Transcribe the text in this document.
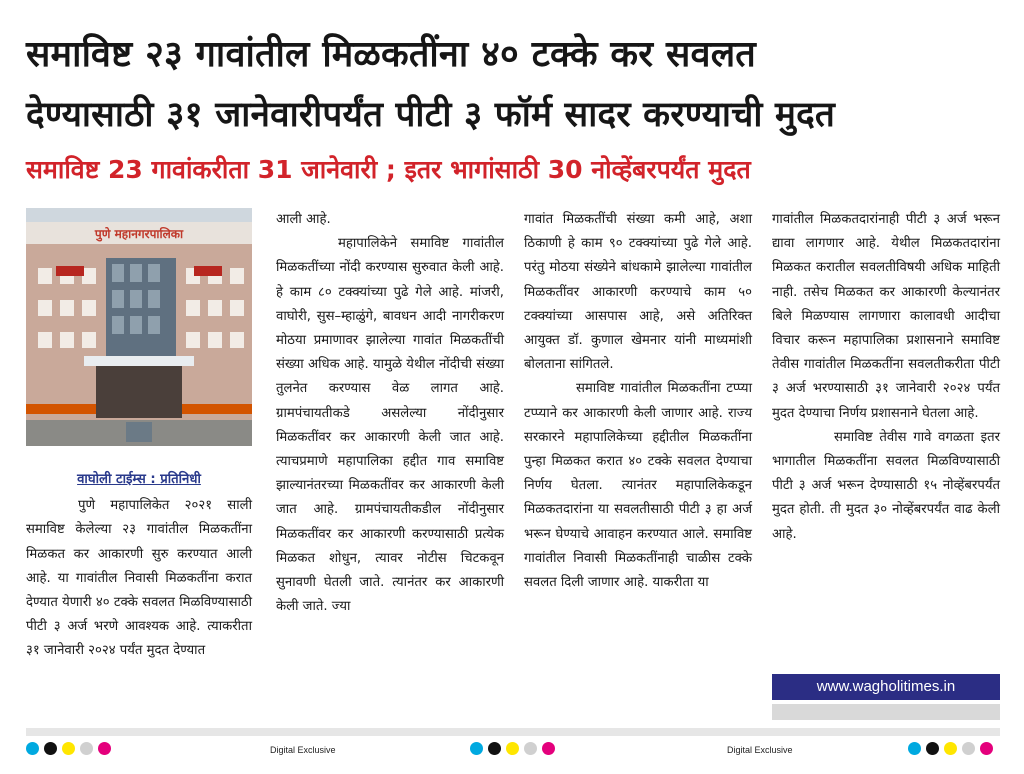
समाविष्ट २३ गावांतील मिळकतींना ४० टक्के कर सवलत
देण्यासाठी ३१ जानेवारीपर्यंत पीटी ३ फॉर्म सादर करण्याची मुदत
समाविष्ट 23 गावांकरीता 31 जानेवारी ; इतर भागांसाठी 30 नोव्हेंबरपर्यंत मुदत
पुणे महानगरपालिका
वाघोली टाईम्स : प्रतिनिधी

पुणे महापालिकेत २०२१ साली समाविष्ट केलेल्या २३ गावांतील मिळकतींना मिळकत कर आकारणी सुरु करण्यात आली आहे. या गावांतील निवासी मिळकतींना करात देण्यात येणारी ४० टक्के सवलत मिळविण्यासाठी पीटी ३ अर्ज भरणे आवश्यक आहे. त्याकरीता ३१ जानेवारी २०२४ पर्यंत मुदत देण्यात

आली आहे.

महापालिकेने समाविष्ट गावांतील मिळकतींच्या नोंदी करण्यास सुरुवात केली आहे. हे काम ८० टक्क्यांच्या पुढे गेले आहे. मांजरी, वाघोरी, सुस–म्हाळुंगे, बावधन आदी नागरीकरण मोठया प्रमाणावर झालेल्या गावांत मिळकतींची संख्या अधिक आहे. यामुळे येथील नोंदीची संख्या तुलनेत करण्यास वेळ लागत आहे. ग्रामपंचायतीकडे असलेल्या नोंदीनुसार मिळकतींवर कर आकारणी केली जात आहे. त्याचप्रमाणे महापालिका हद्दीत गाव समाविष्ट झाल्यानंतरच्या मिळकतींवर कर आकारणी केली जात आहे. ग्रामपंचायतीकडील नोंदीनुसार मिळकतींवर कर आकारणी करण्यासाठी प्रत्येक मिळकत शोधुन, त्यावर नोटीस चिटकवून सुनावणी घेतली जाते. त्यानंतर कर आकारणी केली जाते. ज्या

गावांत मिळकतींची संख्या कमी आहे, अशा ठिकाणी हे काम ९० टक्क्यांच्या पुढे गेले आहे. परंतु मोठया संख्येने बांधकामे झालेल्या गावांतील मिळकतींवर आकारणी करण्याचे काम ५० टक्क्यांच्या आसपास आहे, असे अतिरिक्त आयुक्त डॉ. कुणाल खेमनार यांनी माध्यमांशी बोलताना सांगितले.

समाविष्ट गावांतील मिळकतींना टप्प्या टप्प्याने कर आकारणी केली जाणार आहे. राज्य सरकारने महापालिकेच्या हद्दीतील मिळकतींना पुन्हा मिळकत करात ४० टक्के सवलत देण्याचा निर्णय घेतला. त्यानंतर महापालिकेकडून मिळकतदारांना या सवलतीसाठी पीटी ३ हा अर्ज भरून घेण्याचे आवाहन करण्यात आले. समाविष्ट गावांतील निवासी मिळकतींनाही चाळीस टक्के सवलत दिली जाणार आहे. याकरीता या

गावांतील मिळकतदारांनाही पीटी ३ अर्ज भरून द्यावा लागणार आहे. येथील मिळकतदारांना मिळकत करातील सवलतीविषयी अधिक माहिती नाही. तसेच मिळकत कर आकारणी केल्यानंतर बिले मिळण्यास लागणारा कालावधी आदीचा विचार करून महापालिका प्रशासनाने समाविष्ट तेवीस गावांतील मिळकतींना सवलतीकरीता पीटी ३ अर्ज भरण्यासाठी ३१ जानेवारी २०२४ पर्यंत मुदत देण्याचा निर्णय प्रशासनाने घेतला आहे.

समाविष्ट तेवीस गावे वगळता इतर भागातील मिळकतींना सवलत मिळविण्यासाठी पीटी ३ अर्ज भरून देण्यासाठी १५ नोव्हेंबरपर्यंत मुदत होती. ती मुदत ३० नोव्हेंबरपर्यंत वाढ केली आहे.

www.wagholitimes.in
Digital Exclusive	Digital Exclusive
